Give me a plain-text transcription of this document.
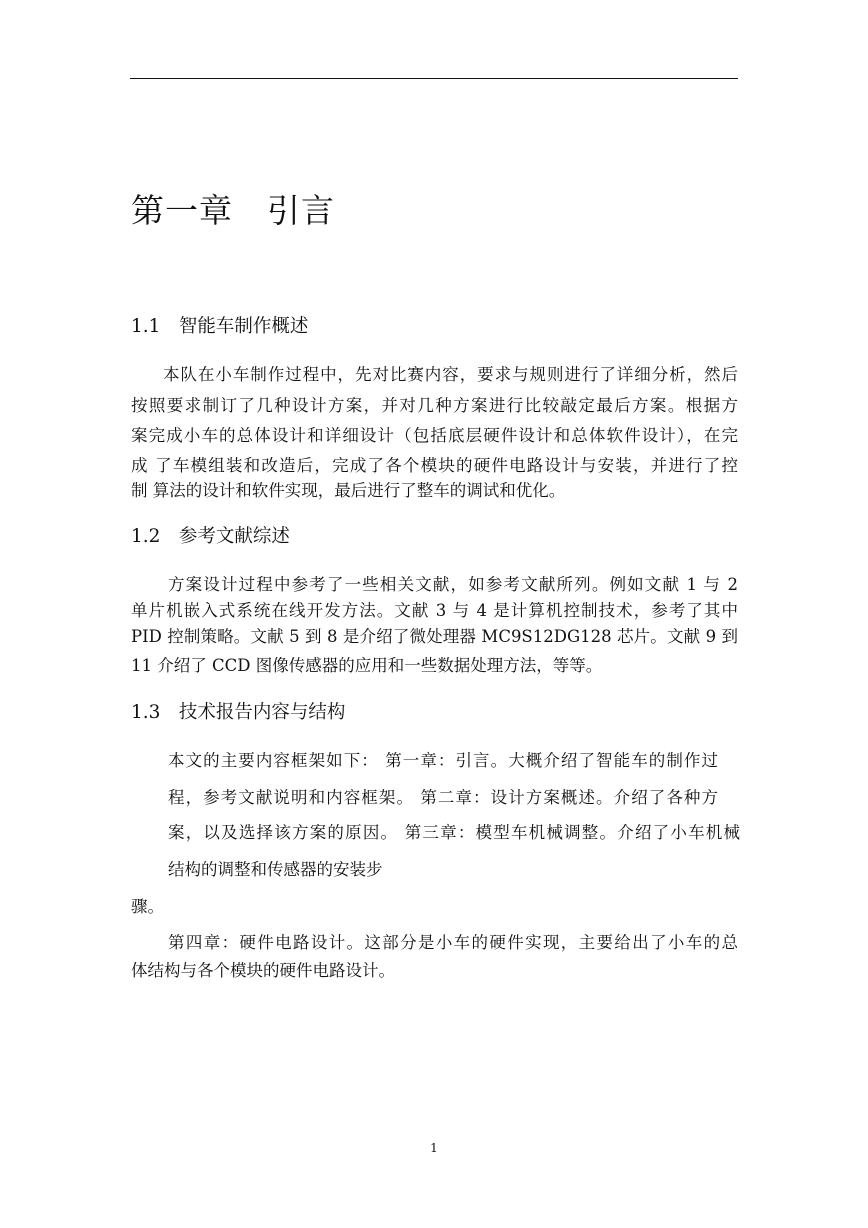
第一章　引言
1.1　智能车制作概述
本队在小车制作过程中，先对比赛内容，要求与规则进行了详细分析，然后
按照要求制订了几种设计方案，并对几种方案进行比较敲定最后方案。根据方
案完成小车的总体设计和详细设计（包括底层硬件设计和总体软件设计），在完
成 了车模组装和改造后，完成了各个模块的硬件电路设计与安装，并进行了控
制 算法的设计和软件实现，最后进行了整车的调试和优化。
1.2　参考文献综述
方案设计过程中参考了一些相关文献，如参考文献所列。例如文献 1 与 2
单片机嵌入式系统在线开发方法。文献 3 与 4 是计算机控制技术，参考了其中
PID 控制策略。文献 5 到 8 是介绍了微处理器 MC9S12DG128 芯片。文献 9 到
11 介绍了 CCD 图像传感器的应用和一些数据处理方法，等等。
1.3　技术报告内容与结构
本文的主要内容框架如下： 第一章：引言。大概介绍了智能车的制作过
程，参考文献说明和内容框架。 第二章：设计方案概述。介绍了各种方
案，以及选择该方案的原因。 第三章：模型车机械调整。介绍了小车机械
结构的调整和传感器的安装步
骤。
第四章：硬件电路设计。这部分是小车的硬件实现，主要给出了小车的总
体结构与各个模块的硬件电路设计。
1
